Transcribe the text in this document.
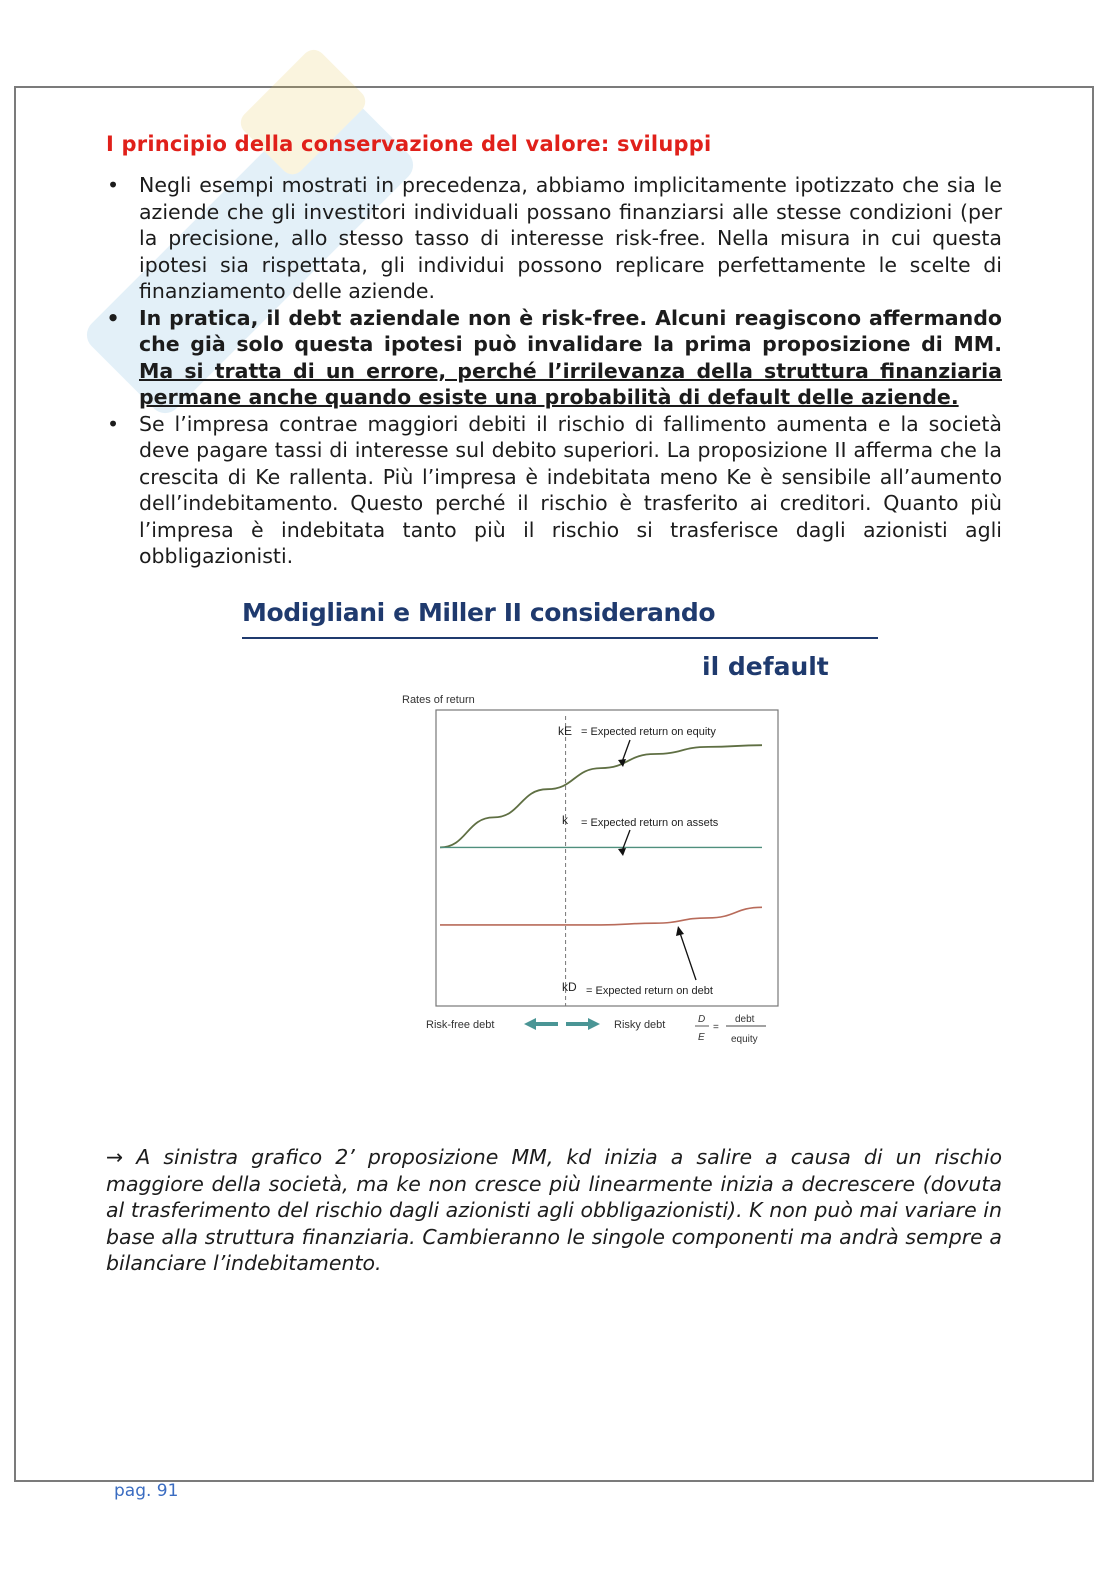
I principio della conservazione del valore: sviluppi
• Negli esempi mostrati in precedenza, abbiamo implicitamente ipotizzato che sia le aziende che gli investitori individuali possano finanziarsi alle stesse condizioni (per la precisione, allo stesso tasso di interesse risk-free. Nella misura in cui questa ipotesi sia rispettata, gli individui possono replicare perfettamente le scelte di finanziamento delle aziende.
• In pratica, il debt aziendale non è risk-free. Alcuni reagiscono affermando che già solo questa ipotesi può invalidare la prima proposizione di MM. Ma si tratta di un errore, perché l’irrilevanza della struttura finanziaria permane anche quando esiste una probabilità di default delle aziende.
• Se l’impresa contrae maggiori debiti il rischio di fallimento aumenta e la società deve pagare tassi di interesse sul debito superiori. La proposizione II afferma che la crescita di Ke rallenta. Più l’impresa è indebitata meno Ke è sensibile all’aumento dell’indebitamento. Questo perché il rischio è trasferito ai creditori. Quanto più l’impresa è indebitata tanto più il rischio si trasferisce dagli azionisti agli obbligazionisti.
Modigliani e Miller II considerando
il default
Rates of return
kE = Expected return on equity
k = Expected return on assets
kD = Expected return on debt
Risk-free debt	Risky debt	D
E
=
debt
equity
→ A sinistra grafico 2’ proposizione MM, kd inizia a salire a causa di un rischio maggiore della società, ma ke non cresce più linearmente inizia a decrescere (dovuta al trasferimento del rischio dagli azionisti agli obbligazionisti). K non può mai variare in base alla struttura finanziaria. Cambieranno le singole componenti ma andrà sempre a bilanciare l’indebitamento.
pag. 91
